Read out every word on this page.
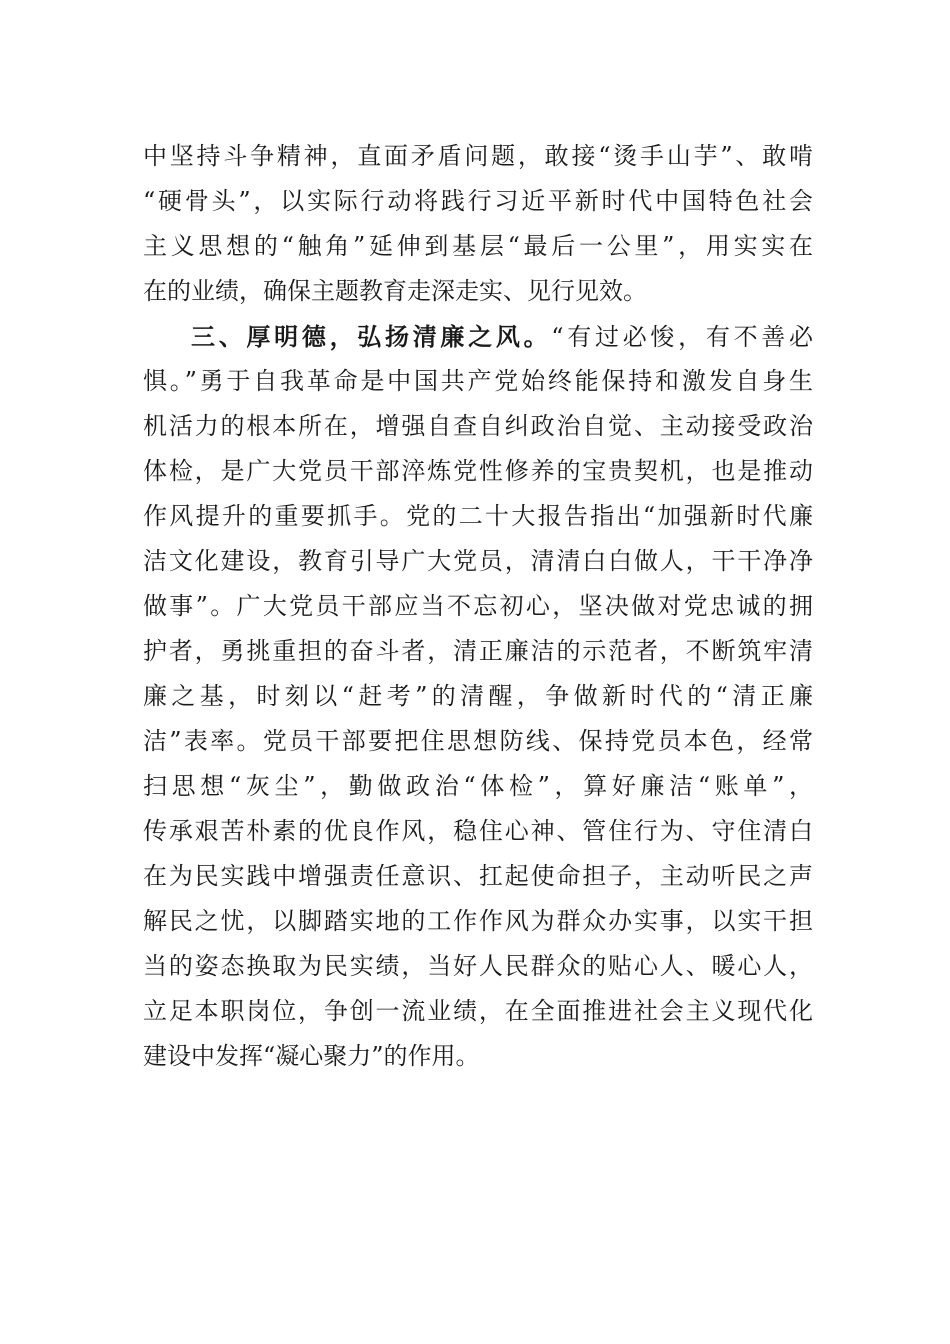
中坚持斗争精神，直面矛盾问题，敢接“烫手山芋”、敢啃
“硬骨头”，以实际行动将践行习近平新时代中国特色社会
主义思想的“触角”延伸到基层“最后一公里”，用实实在
在的业绩，确保主题教育走深走实、见行见效。
三、厚明德，弘扬清廉之风。“有过必悛，有不善必
惧。”勇于自我革命是中国共产党始终能保持和激发自身生
机活力的根本所在，增强自查自纠政治自觉、主动接受政治
体检，是广大党员干部淬炼党性修养的宝贵契机，也是推动
作风提升的重要抓手。党的二十大报告指出“加强新时代廉
洁文化建设，教育引导广大党员，清清白白做人，干干净净
做事”。广大党员干部应当不忘初心，坚决做对党忠诚的拥
护者，勇挑重担的奋斗者，清正廉洁的示范者，不断筑牢清
廉之基，时刻以“赶考”的清醒，争做新时代的“清正廉
洁”表率。党员干部要把住思想防线、保持党员本色，经常
扫思想“灰尘”，勤做政治“体检”，算好廉洁“账单”，
传承艰苦朴素的优良作风，稳住心神、管住行为、守住清白
在为民实践中增强责任意识、扛起使命担子，主动听民之声
解民之忧，以脚踏实地的工作作风为群众办实事，以实干担
当的姿态换取为民实绩，当好人民群众的贴心人、暖心人，
立足本职岗位，争创一流业绩，在全面推进社会主义现代化
建设中发挥“凝心聚力”的作用。
